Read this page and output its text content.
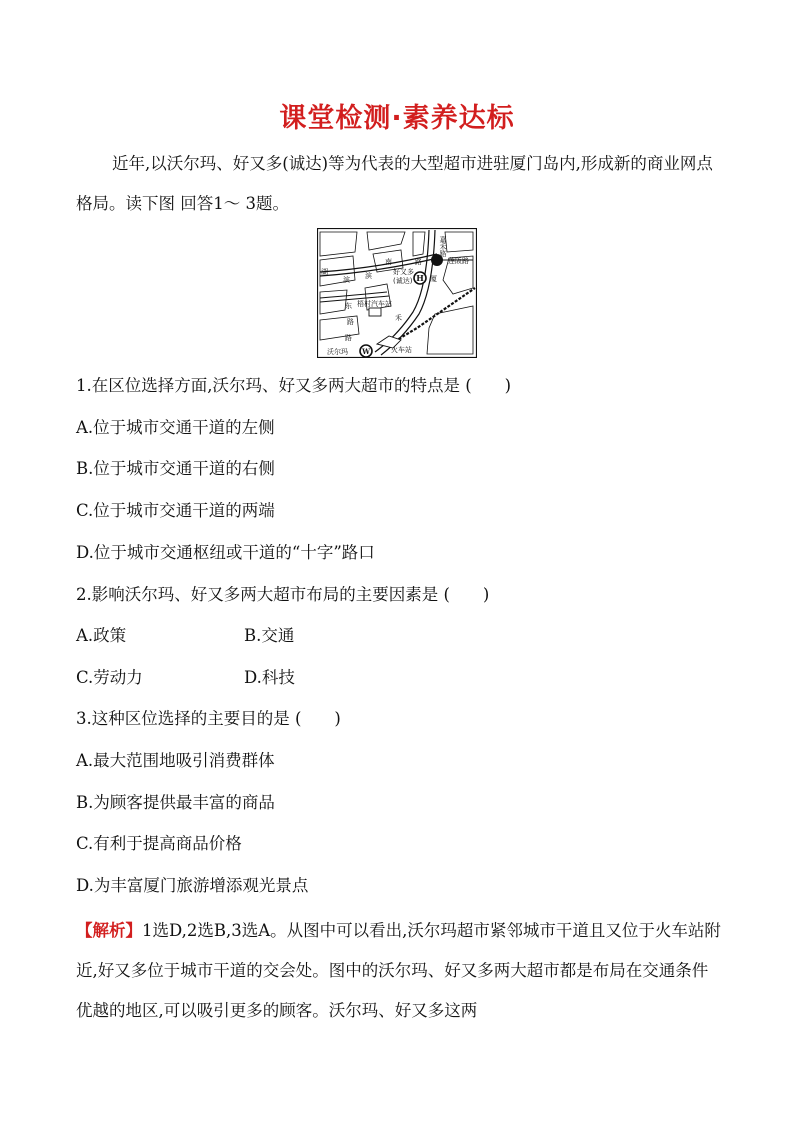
课堂检测·素养达标

近年,以沃尔玛、好又多(诚达)等为代表的大型超市进驻厦门岛内,形成新的商业网点格局。读下图 回答1～ 3题。

H
W
嘉禾路
莲阪路
湖
滨 滨
南	路
好又多
(诚达)	厦
东 梧村汽车站
路	禾
路
沃尔玛	火车站
1.在区位选择方面,沃尔玛、好又多两大超市的特点是 (　　)
A.位于城市交通干道的左侧
B.位于城市交通干道的右侧
C.位于城市交通干道的两端
D.位于城市交通枢纽或干道的“十字”路口
2.影响沃尔玛、好又多两大超市布局的主要因素是 (　　)
A.政策	B.交通
C.劳动力	D.科技
3.这种区位选择的主要目的是 (　　)
A.最大范围地吸引消费群体
B.为顾客提供最丰富的商品
C.有利于提高商品价格
D.为丰富厦门旅游增添观光景点

【解析】1选D,2选B,3选A。从图中可以看出,沃尔玛超市紧邻城市干道且又位于火车站附近,好又多位于城市干道的交会处。图中的沃尔玛、好又多两大超市都是布局在交通条件优越的地区,可以吸引更多的顾客。沃尔玛、好又多这两
